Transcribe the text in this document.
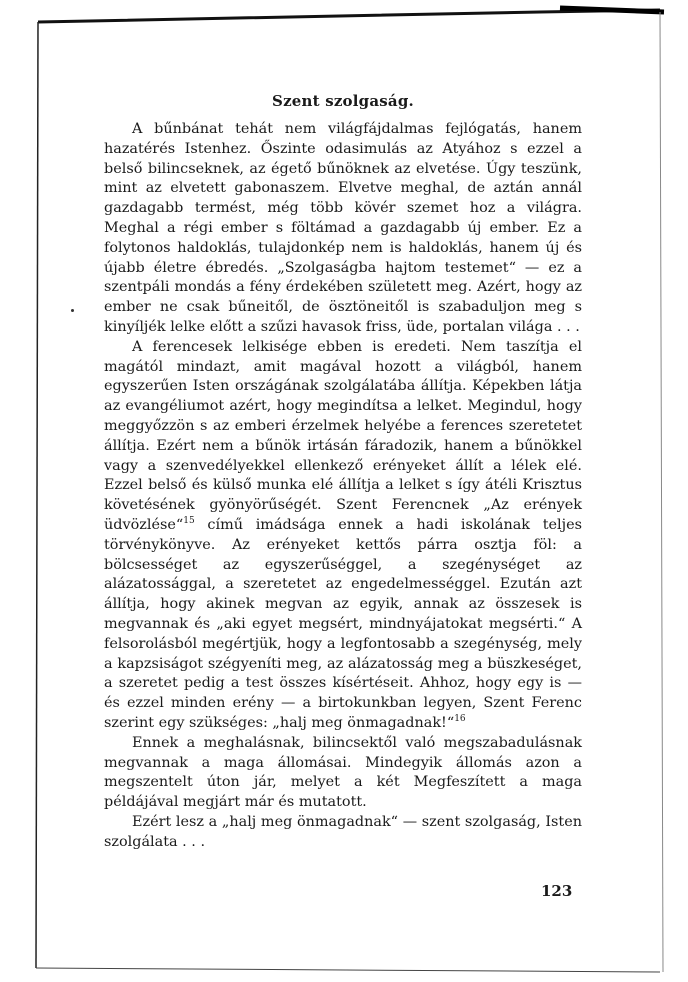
Szent szolgaság.

A bűnbánat tehát nem világfájdalmas fejlógatás, hanem hazatérés Istenhez. Őszinte odasimulás az Atyához s ezzel a belső bilincseknek, az égető bűnöknek az elvetése. Úgy teszünk, mint az elvetett gabonaszem. Elvetve meghal, de aztán annál gazdagabb termést, még több kövér szemet hoz a világra. Meghal a régi ember s föltámad a gazdagabb új ember. Ez a folytonos haldoklás, tulajdonkép nem is haldoklás, hanem új és újabb életre ébredés. „Szolgaságba hajtom testemet“ — ez a szentpáli mondás a fény érdekében született meg. Azért, hogy az ember ne csak bűneitől, de ösztöneitől is szabaduljon meg s kinyíljék lelke előtt a szűzi havasok friss, üde, portalan világa . . .

A ferencesek lelkisége ebben is eredeti. Nem taszítja el magától mindazt, amit magával hozott a világból, hanem egyszerűen Isten országának szolgálatába állítja. Képekben látja az evangéliumot azért, hogy megindítsa a lelket. Megindul, hogy meggyőzzön s az emberi érzelmek helyébe a ferences szeretetet állítja. Ezért nem a bűnök irtásán fáradozik, hanem a bűnökkel vagy a szenvedélyekkel ellenkező erényeket állít a lélek elé. Ezzel belső és külső munka elé állítja a lelket s így átéli Krisztus követésének gyönyörűségét. Szent Ferencnek „Az erények üdvözlése“$^{15}$ című imádsága ennek a hadi iskolának teljes törvénykönyve. Az erényeket kettős párra osztja föl: a bölcsességet az egyszerűséggel, a szegénységet az alázatossággal, a szeretetet az engedelmességgel. Ezután azt állítja, hogy akinek megvan az egyik, annak az összesek is megvannak és „aki egyet megsért, mindnyájatokat megsérti.“ A felsorolásból megértjük, hogy a legfontosabb a szegénység, mely a kapzsiságot szégyeníti meg, az alázatosság meg a büszkeséget, a szeretet pedig a test összes kísértéseit. Ahhoz, hogy egy is — és ezzel minden erény — a birtokunkban legyen, Szent Ferenc szerint egy szükséges: „halj meg önmagadnak!“$^{16}$

Ennek a meghalásnak, bilincsektől való megszabadulásnak megvannak a maga állomásai. Mindegyik állomás azon a megszentelt úton jár, melyet a két Megfeszített a maga példájával megjárt már és mutatott.

Ezért lesz a „halj meg önmagadnak“ — szent szolgaság, Isten szolgálata . . .

123
